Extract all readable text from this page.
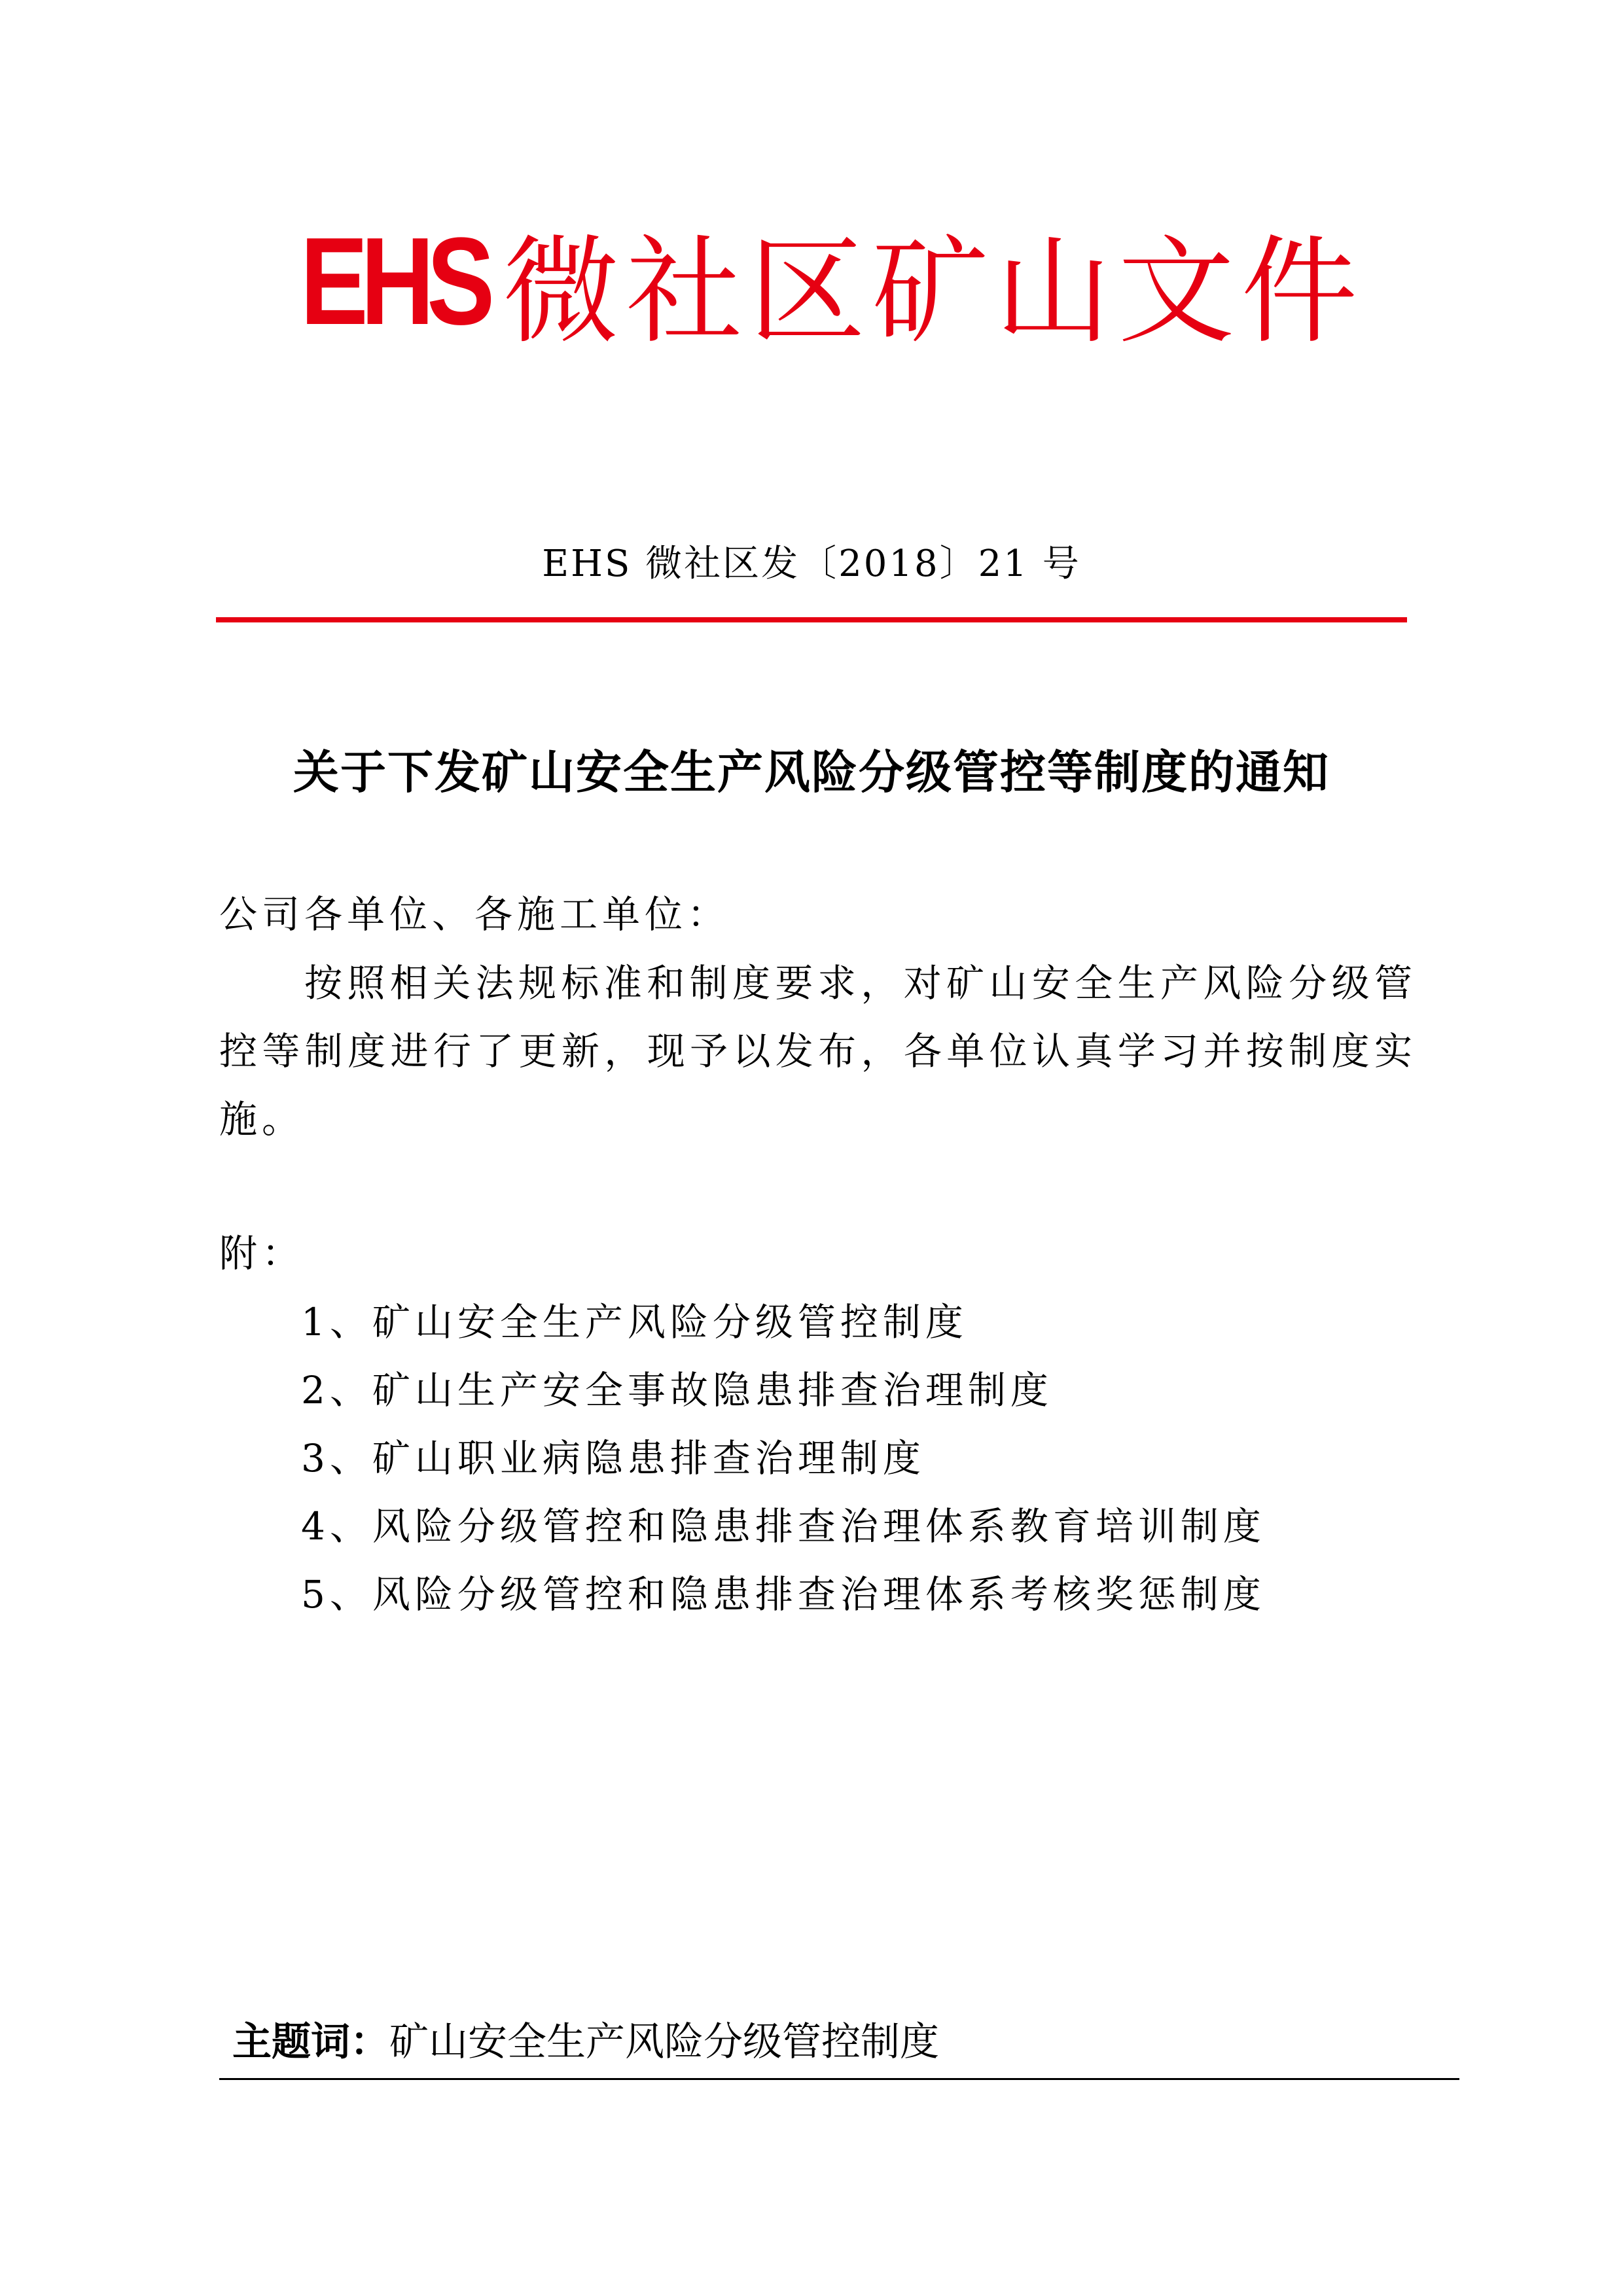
EHS 微社区矿山文件
EHS 微社区发〔2018〕21 号
关于下发矿山安全生产风险分级管控等制度的通知
公司各单位、各施工单位：
按照相关法规标准和制度要求，对矿山安全生产风险分级管控等制度进行了更新，现予以发布，各单位认真学习并按制度实施。
附：
1、矿山安全生产风险分级管控制度
2、矿山生产安全事故隐患排查治理制度
3、矿山职业病隐患排查治理制度
4、风险分级管控和隐患排查治理体系教育培训制度
5、风险分级管控和隐患排查治理体系考核奖惩制度
主题词：矿山安全生产风险分级管控制度
